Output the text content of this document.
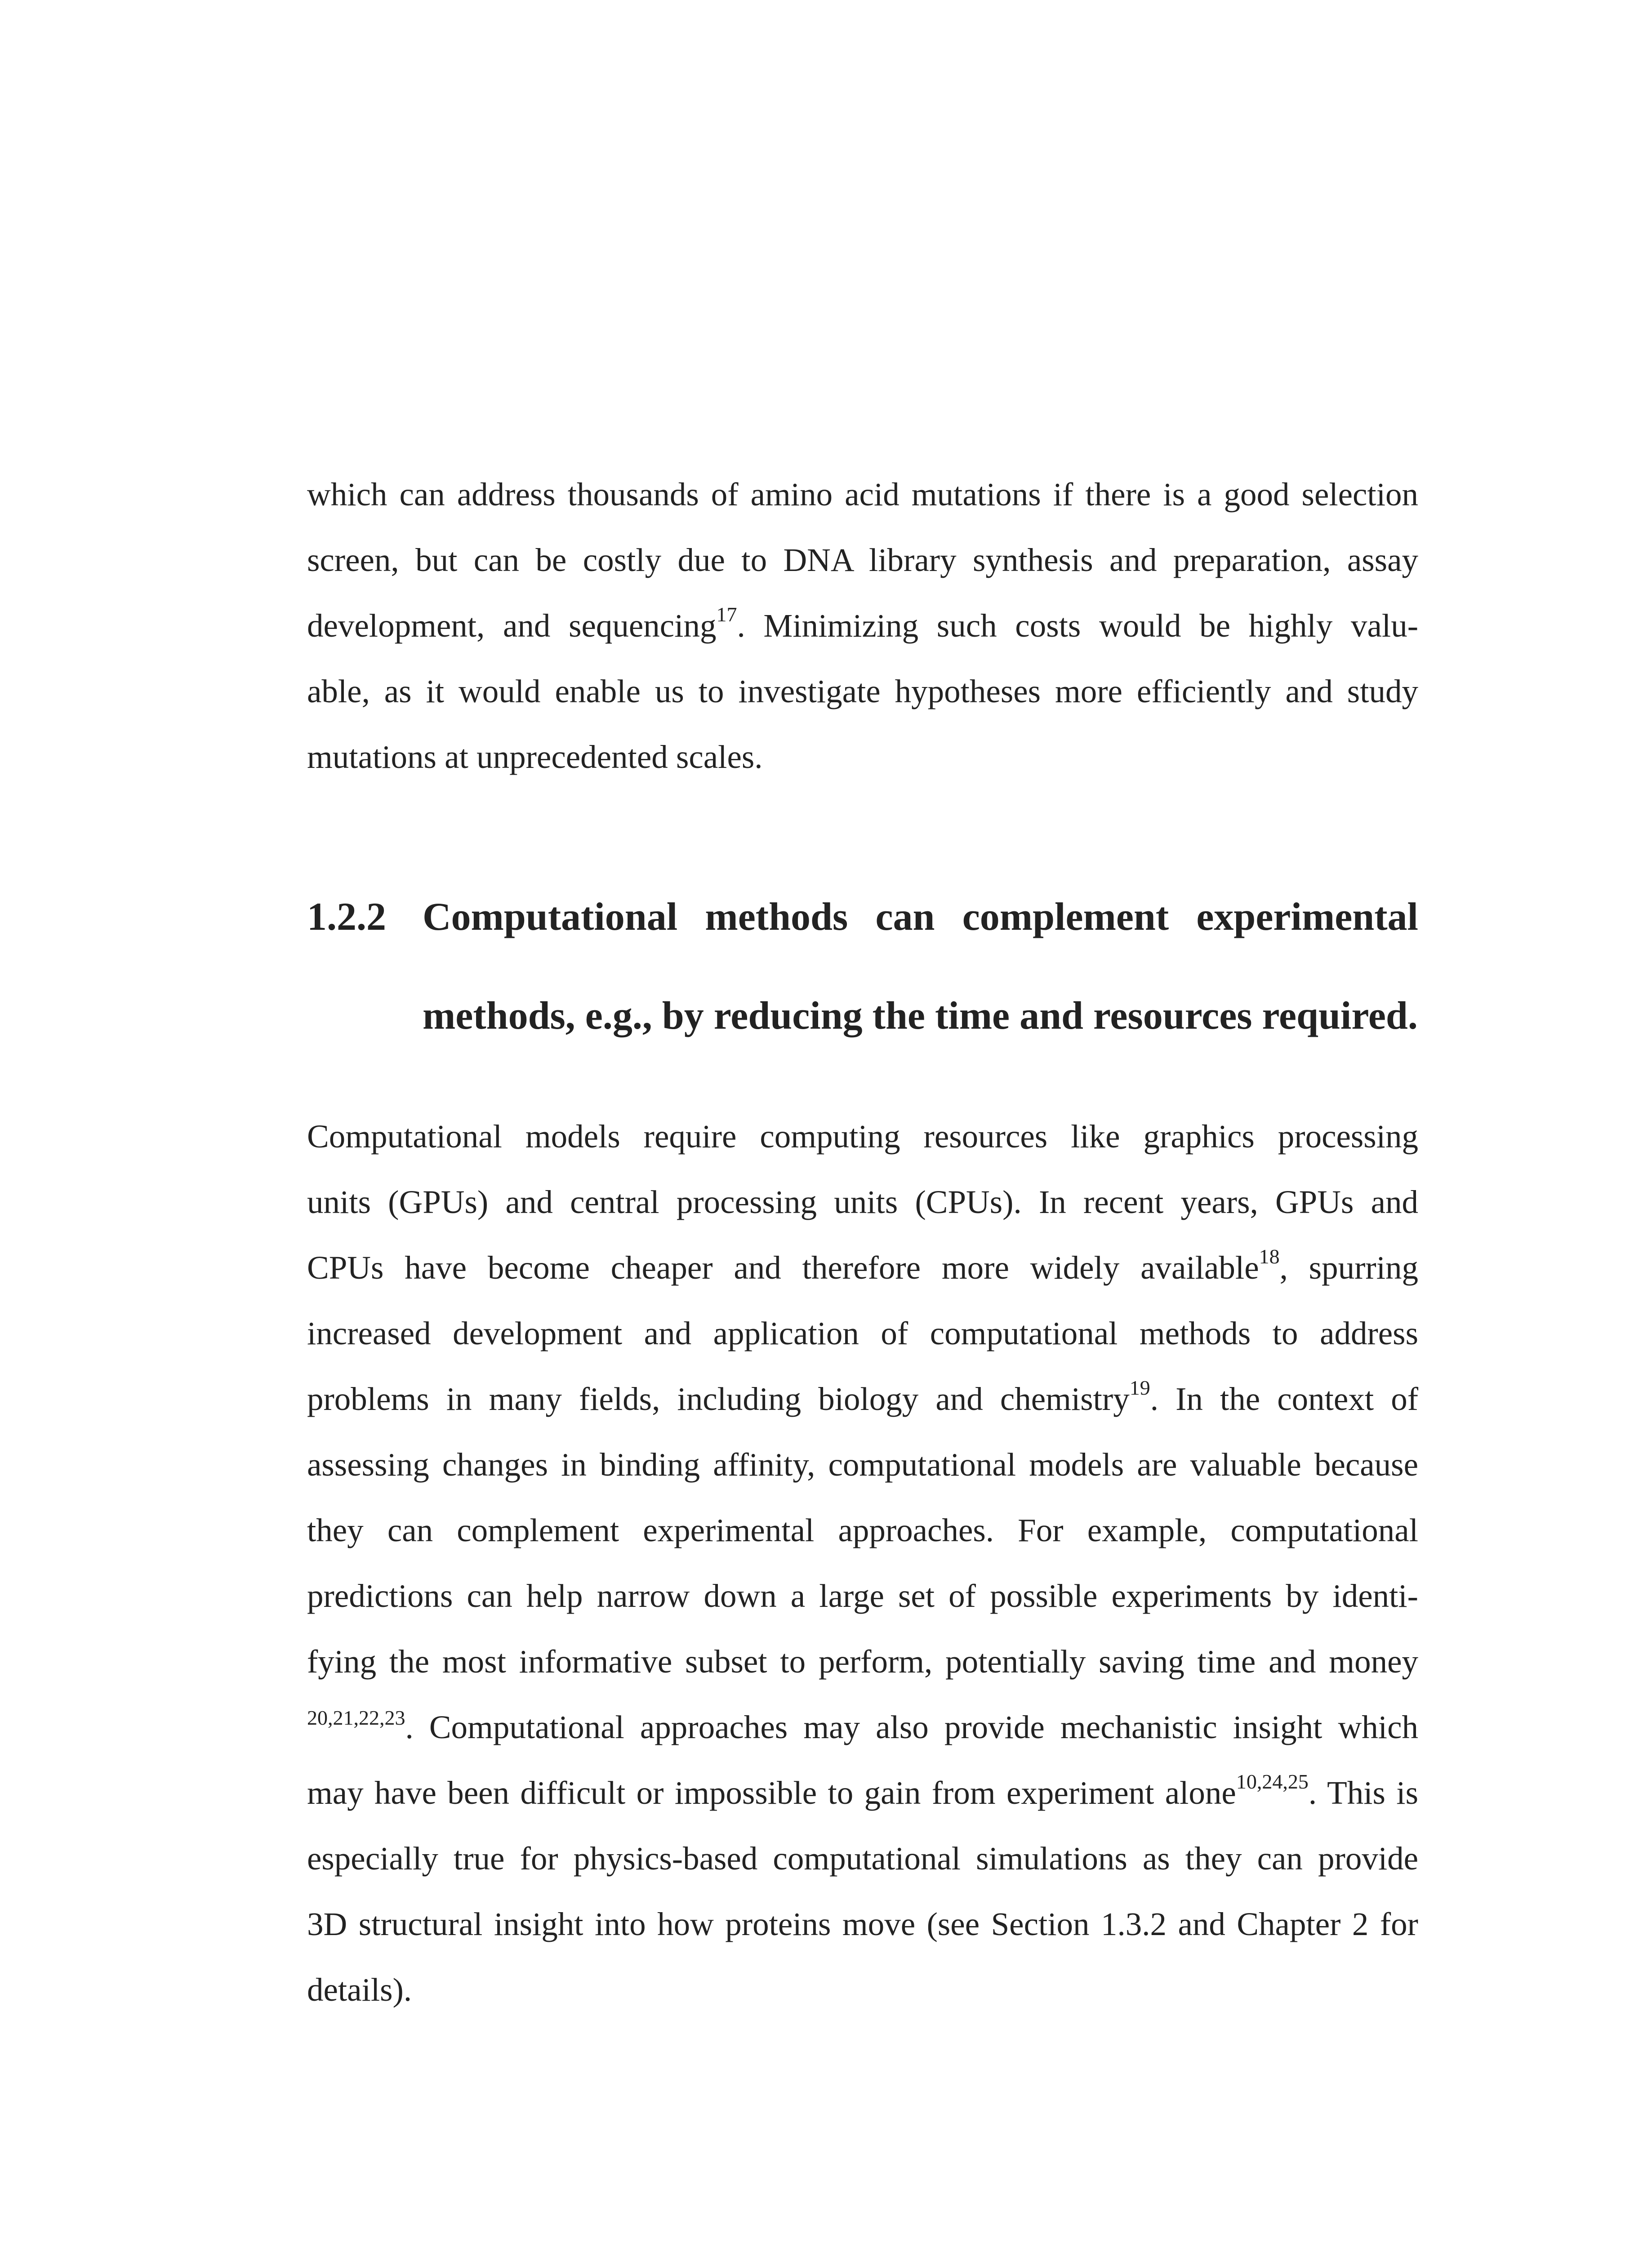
which can address thousands of amino acid mutations if there is a good selection
screen, but can be costly due to DNA library synthesis and preparation, assay
development, and sequencing$^{17}$. Minimizing such costs would be highly valu-
able, as it would enable us to investigate hypotheses more efficiently and study
mutations at unprecedented scales.
1.2.2 Computational methods can complement experimental
methods, e.g., by reducing the time and resources required.
Computational models require computing resources like graphics processing
units (GPUs) and central processing units (CPUs). In recent years, GPUs and
CPUs have become cheaper and therefore more widely available$^{18}$, spurring
increased development and application of computational methods to address
problems in many fields, including biology and chemistry$^{19}$. In the context of
assessing changes in binding affinity, computational models are valuable because
they can complement experimental approaches. For example, computational
predictions can help narrow down a large set of possible experiments by identi-
fying the most informative subset to perform, potentially saving time and money
$^{20,21,22,23}$. Computational approaches may also provide mechanistic insight which
may have been difficult or impossible to gain from experiment alone$^{10,24,25}$. This is
especially true for physics-based computational simulations as they can provide
3D structural insight into how proteins move (see Section 1.3.2 and Chapter 2 for
details).
